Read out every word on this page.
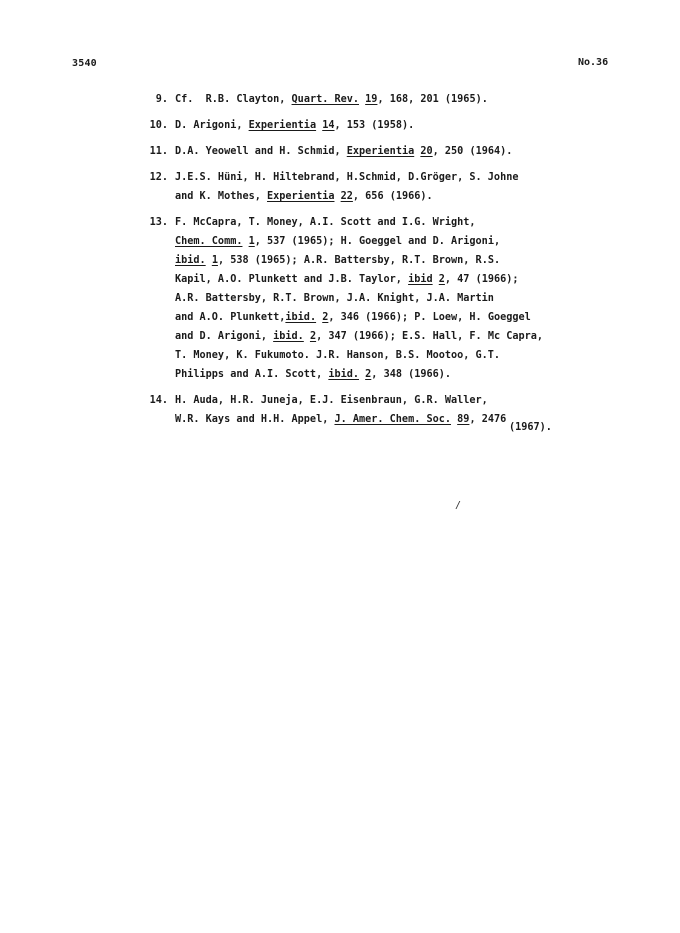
3540	No.36
9. Cf.  R.B. Clayton, Quart. Rev. 19, 168, 201 (1965).
10. D. Arigoni, Experientia 14, 153 (1958).
11. D.A. Yeowell and H. Schmid, Experientia 20, 250 (1964).
12. J.E.S. Hüni, H. Hiltebrand, H.Schmid, D.Gröger, S. Johne
and K. Mothes, Experientia 22, 656 (1966).
13. F. McCapra, T. Money, A.I. Scott and I.G. Wright,
Chem. Comm. 1, 537 (1965); H. Goeggel and D. Arigoni,
ibid. 1, 538 (1965); A.R. Battersby, R.T. Brown, R.S.
Kapil, A.O. Plunkett and J.B. Taylor, ibid 2, 47 (1966);
A.R. Battersby, R.T. Brown, J.A. Knight, J.A. Martin
and A.O. Plunkett,ibid. 2, 346 (1966); P. Loew, H. Goeggel
and D. Arigoni, ibid. 2, 347 (1966); E.S. Hall, F. Mc Capra,
T. Money, K. Fukumoto. J.R. Hanson, B.S. Mootoo, G.T.
Philipps and A.I. Scott, ibid. 2, 348 (1966).
14. H. Auda, H.R. Juneja, E.J. Eisenbraun, G.R. Waller,
W.R. Kays and H.H. Appel, J. Amer. Chem. Soc. 89, 2476
(1967).
/
